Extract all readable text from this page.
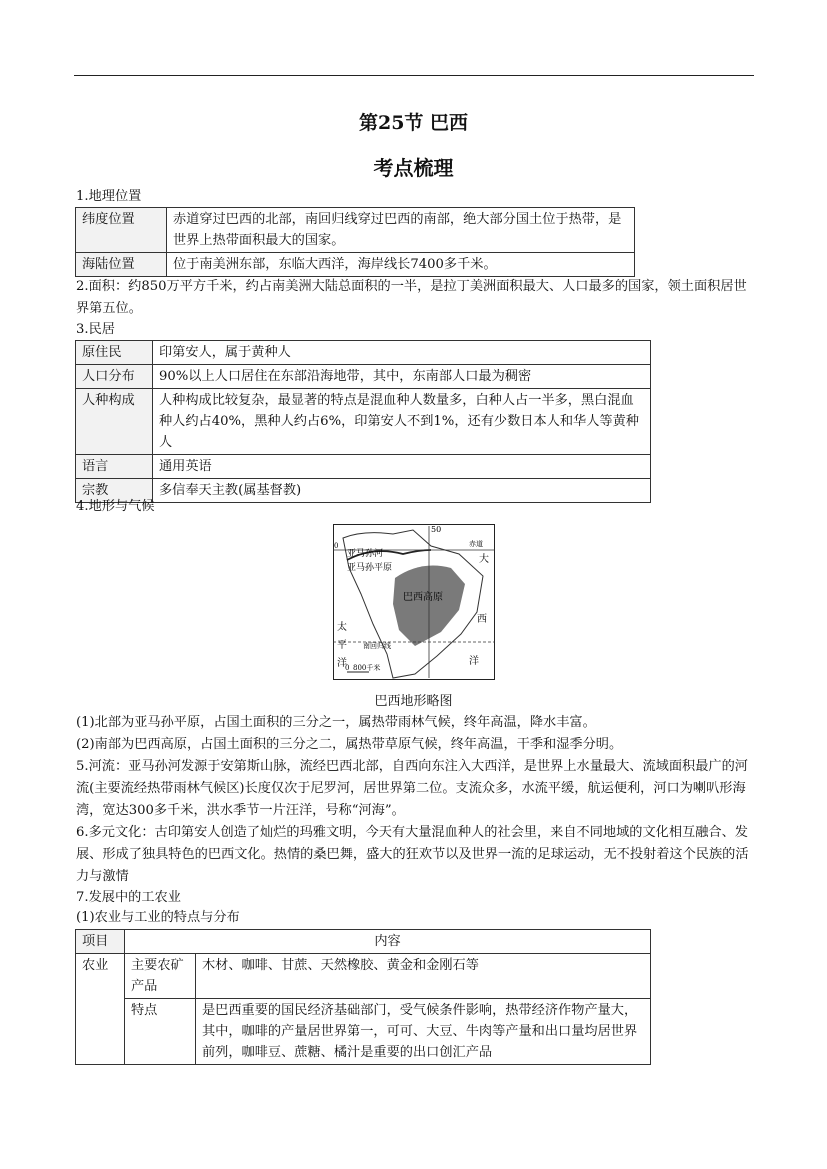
第25节 巴西
考点梳理
1.地理位置
纬度位置	赤道穿过巴西的北部，南回归线穿过巴西的南部，绝大部分国土位于热带，是世界上热带面积最大的国家。
海陆位置	位于南美洲东部，东临大西洋，海岸线长7400多千米。
2.面积：约850万平方千米，约占南美洲大陆总面积的一半，是拉丁美洲面积最大、人口最多的国家，领土面积居世界第五位。
3.民居
原住民	印第安人，属于黄种人
人口分布	90%以上人口居住在东部沿海地带，其中，东南部人口最为稠密
人种构成	人种构成比较复杂，最显著的特点是混血种人数量多，白种人占一半多，黑白混血种人约占40%，黑种人约占6%，印第安人不到1%，还有少数日本人和华人等黄种人
语言	通用英语
宗教	多信奉天主教(属基督教)
4.地形与气候
亚马孙河
亚马孙平原
巴西高原
赤道
南回归线
大
西
洋
太
平
洋
0 800千米
50
0
巴西地形略图
(1)北部为亚马孙平原，占国土面积的三分之一，属热带雨林气候，终年高温，降水丰富。
(2)南部为巴西高原，占国土面积的三分之二，属热带草原气候，终年高温，干季和湿季分明。
5.河流：亚马孙河发源于安第斯山脉，流经巴西北部，自西向东注入大西洋，是世界上水量最大、流域面积最广的河流(主要流经热带雨林气候区)长度仅次于尼罗河，居世界第二位。支流众多，水流平缓，航运便利，河口为喇叭形海湾，宽达300多千米，洪水季节一片汪洋，号称“河海”。
6.多元文化：古印第安人创造了灿烂的玛雅文明，今天有大量混血种人的社会里，来自不同地域的文化相互融合、发展、形成了独具特色的巴西文化。热情的桑巴舞，盛大的狂欢节以及世界一流的足球运动，无不投射着这个民族的活力与激情
7.发展中的工农业
(1)农业与工业的特点与分布
项目	内容	
农业	主要农矿产品	木材、咖啡、甘蔗、天然橡胶、黄金和金刚石等
	特点	是巴西重要的国民经济基础部门，受气候条件影响，热带经济作物产量大，其中，咖啡的产量居世界第一，可可、大豆、牛肉等产量和出口量均居世界前列，咖啡豆、蔗糖、橘汁是重要的出口创汇产品
